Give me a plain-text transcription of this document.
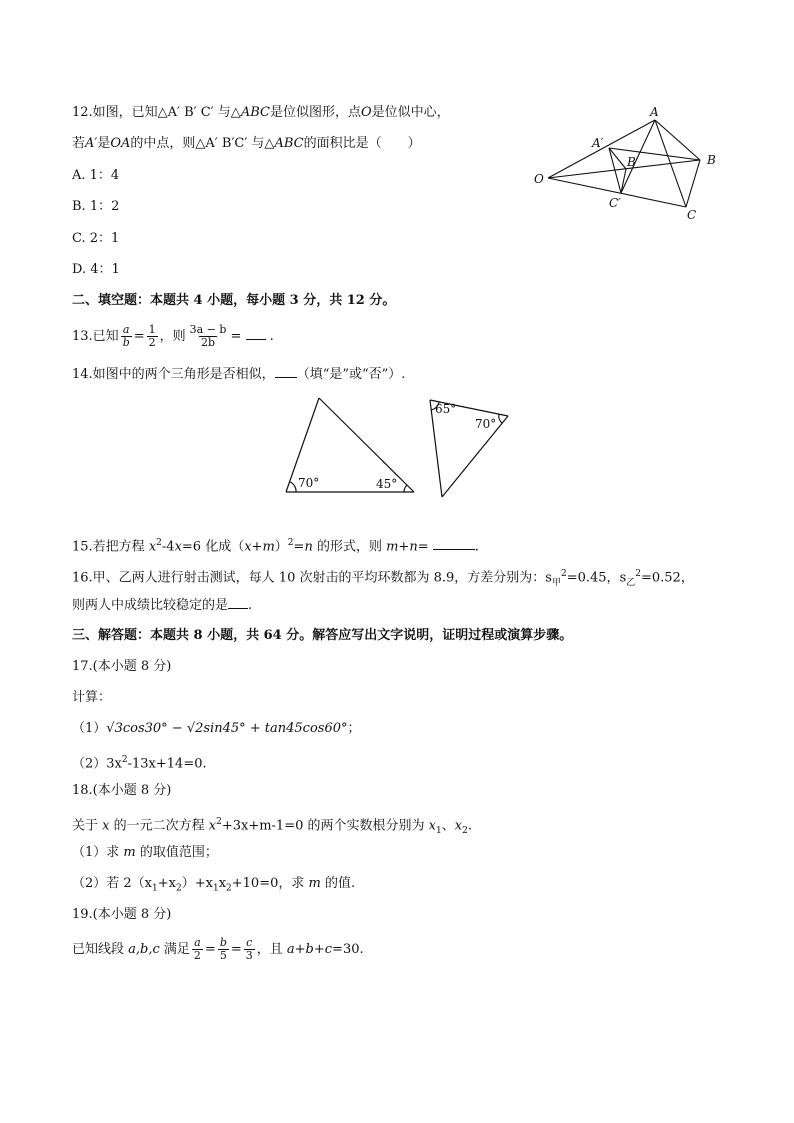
12.如图，已知△A′ B′ C′ 与△ABC是位似图形，点O是位似中心，
若A′是OA的中点，则△A′ B′C′ 与△ABC的面积比是（　　）
A. 1：4
B. 1：2
C. 2：1
D. 4：1
A
A′
B′	B
C′
C
O
二、填空题：本题共 4 小题，每小题 3 分，共 12 分。
13.已知 $\frac{a}{b} = \frac{1}{2}$ ，则 $\frac{3a - b}{2b}$ = .
14.如图中的两个三角形是否相似， （填“是”或“否”）.
70°	45°
65°
70°
15.若把方程 $x^2-4x=6$ 化成$(x+m)^2=n$ 的形式，则 m+n=	.
16.甲、乙两人进行射击测试，每人 10 次射击的平均环数都为 8.9，方差分别为：$s_甲^2=0.45$，$s_乙^2=0.52$，
则两人中成绩比较稳定的是 .
三、解答题：本题共 8 小题，共 64 分。解答应写出文字说明，证明过程或演算步骤。
17.(本小题 8 分)
计算：
（1）√3cos30° − √2sin45° + tan45cos60°；
$(2)3x^2-13x+14=0$.
18.(本小题 8 分)
关于 x 的一元二次方程 $x^2+3x+m-1=0$ 的两个实数根分别为 $x_1$、$x_2$.
（1）求 m 的取值范围；
（2）若 $2(x_1+x_2)+x_1x_2+10=0$，求 m 的值.
19.(本小题 8 分)
已知线段 a,b,c 满足 $\frac{a}{2} = \frac{b}{5} = \frac{c}{3}$ ，且 a+b+c=30.
